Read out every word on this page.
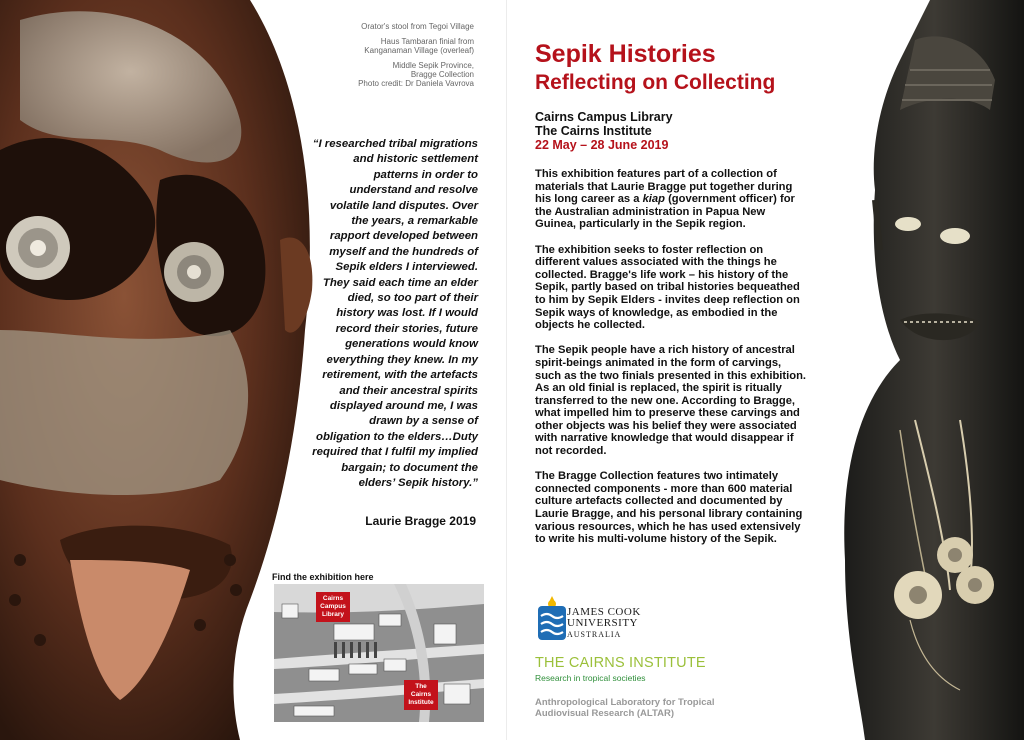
Orator's stool from Tegoi Village

Haus Tambaran finial from
Kanganaman Village (overleaf)

Middle Sepik Province,
Bragge Collection
Photo credit: Dr Daniela Vavrova

“I researched tribal migrations and historic settlement patterns in order to understand and resolve volatile land disputes. Over the years, a remarkable rapport developed between myself and the hundreds of Sepik elders I interviewed. They said each time an elder died, so too part of their history was lost. If I would record their stories, future generations would know everything they knew. In my retirement, with the artefacts and their ancestral spirits displayed around me, I was drawn by a sense of obligation to the elders…Duty required that I fulfil my implied bargain; to document the elders’ Sepik history.”
Laurie Bragge 2019
Find the exhibition here
Cairns Campus Library
The Cairns Institute
Sepik Histories
Reflecting on Collecting
Cairns Campus Library
The Cairns Institute
22 May – 28 June 2019

This exhibition features part of a collection of materials that Laurie Bragge put together during his long career as a kiap (government officer) for the Australian administration in Papua New Guinea, particularly in the Sepik region.

The exhibition seeks to foster reflection on different values associated with the things he collected. Bragge's life work – his history of the Sepik, partly based on tribal histories bequeathed to him by Sepik Elders - invites deep reflection on Sepik ways of knowledge, as embodied in the objects he collected.

The Sepik people have a rich history of ancestral spirit-beings animated in the form of carvings, such as the two finials presented in this exhibition. As an old finial is replaced, the spirit is ritually transferred to the new one. According to Bragge, what impelled him to preserve these carvings and other objects was his belief they were associated with narrative knowledge that would disappear if not recorded.

The Bragge Collection features two intimately connected components - more than 600 material culture artefacts collected and documented by Laurie Bragge, and his personal library containing various resources, which he has used extensively to write his multi-volume history of the Sepik.

JAMES COOK
UNIVERSITY
AUSTRALIA
THE CAIRNS INSTITUTE
Research in tropical societies
Anthropological Laboratory for Tropical
Audiovisual Research (ALTAR)
